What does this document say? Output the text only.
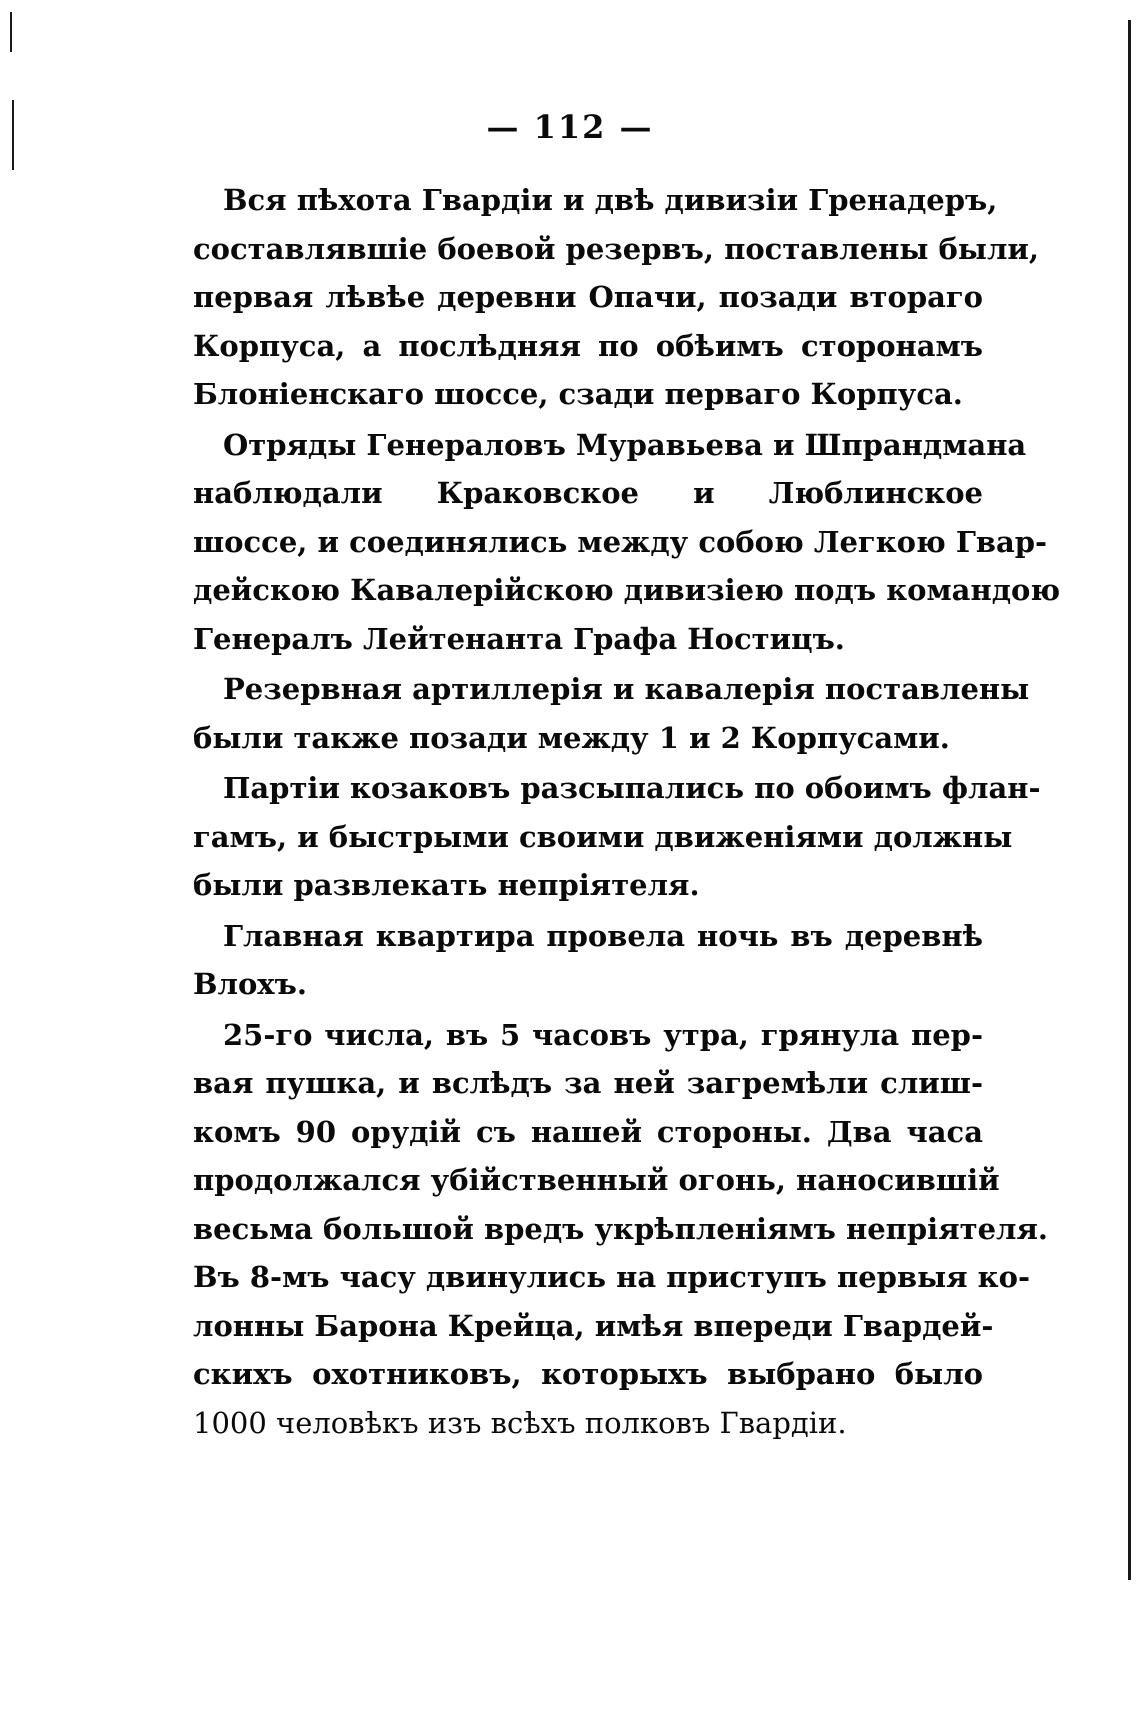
— 112 —
Вся пѣхота Гвардіи и двѣ дивизіи Гренадеръ,
составлявшіе боевой резервъ, поставлены были,
первая лѣвѣе деревни Опачи, позади втораго
Корпуса, а послѣдняя по обѣимъ сторонамъ
Блоніенскаго шоссе, сзади перваго Корпуса.
Отряды Генераловъ Муравьева и Шпрандмана
наблюдали Краковское и Люблинское
шоссе, и соединялись между собою Легкою Гвар-
дейскою Кавалерійскою дивизіею подъ командою
Генералъ Лейтенанта Графа Ностицъ.
Резервная артиллерія и кавалерія поставлены
были также позади между 1 и 2 Корпусами.
Партіи козаковъ разсыпались по обоимъ флан-
гамъ, и быстрыми своими движеніями должны
были развлекать непріятеля.
Главная квартира провела ночь въ деревнѣ
Влохъ.
25-го числа, въ 5 часовъ утра, грянула пер-
вая пушка, и вслѣдъ за ней загремѣли слиш-
комъ 90 орудій съ нашей стороны. Два часа
продолжался убійственный огонь, наносившій
весьма большой вредъ укрѣпленіямъ непріятеля.
Въ 8-мъ часу двинулись на приступъ первыя ко-
лонны Барона Крейца, имѣя впереди Гвардей-
скихъ охотниковъ, которыхъ выбрано было
1000 человѣкъ изъ всѣхъ полковъ Гвардіи.
